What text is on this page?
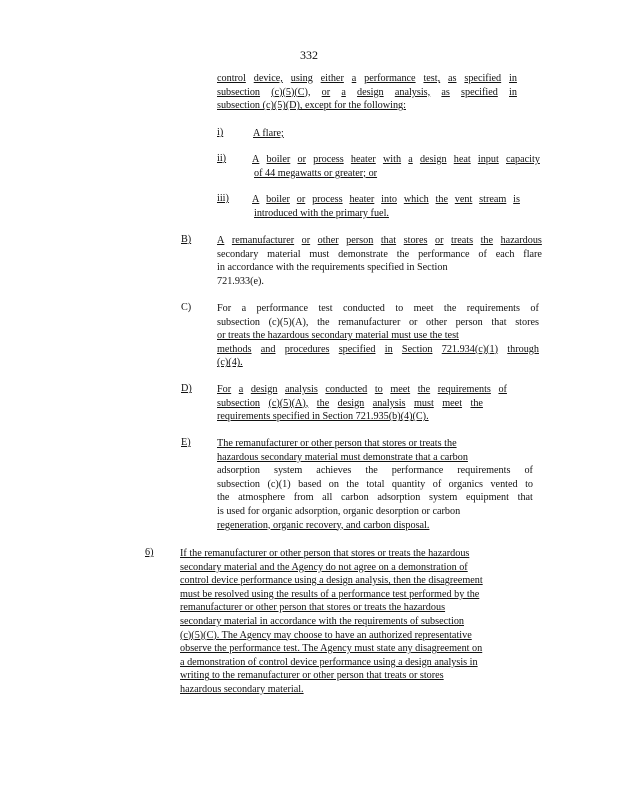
332
control device, using either a performance test, as specified in
subsection (c)(5)(C), or a design analysis, as specified in
subsection (c)(5)(D), except for the following:
i)	A flare;
ii)	A boiler or process heater with a design heat input capacity
of 44 megawatts or greater; or
iii) A boiler or process heater into which the vent stream is
introduced with the primary fuel.
B)	A remanufacturer or other person that stores or treats the hazardous
secondary material must demonstrate the performance of each flare
in accordance with the requirements specified in Section
721.933(e).
C)	For a performance test conducted to meet the requirements of
subsection (c)(5)(A), the remanufacturer or other person that stores
or treats the hazardous secondary material must use the test
methods and procedures specified in Section 721.934(c)(1) through
(c)(4).
D) For a design analysis conducted to meet the requirements of
subsection (c)(5)(A), the design analysis must meet the
requirements specified in Section 721.935(b)(4)(C).
E)	The remanufacturer or other person that stores or treats the
hazardous secondary material must demonstrate that a carbon
adsorption system achieves the performance requirements of
subsection (c)(1) based on the total quantity of organics vented to
the atmosphere from all carbon adsorption system equipment that
is used for organic adsorption, organic desorption or carbon
regeneration, organic recovery, and carbon disposal.
6)	If the remanufacturer or other person that stores or treats the hazardous
secondary material and the Agency do not agree on a demonstration of
control device performance using a design analysis, then the disagreement
must be resolved using the results of a performance test performed by the
remanufacturer or other person that stores or treats the hazardous
secondary material in accordance with the requirements of subsection
(c)(5)(C). The Agency may choose to have an authorized representative
observe the performance test. The Agency must state any disagreement on
a demonstration of control device performance using a design analysis in
writing to the remanufacturer or other person that treats or stores
hazardous secondary material.
